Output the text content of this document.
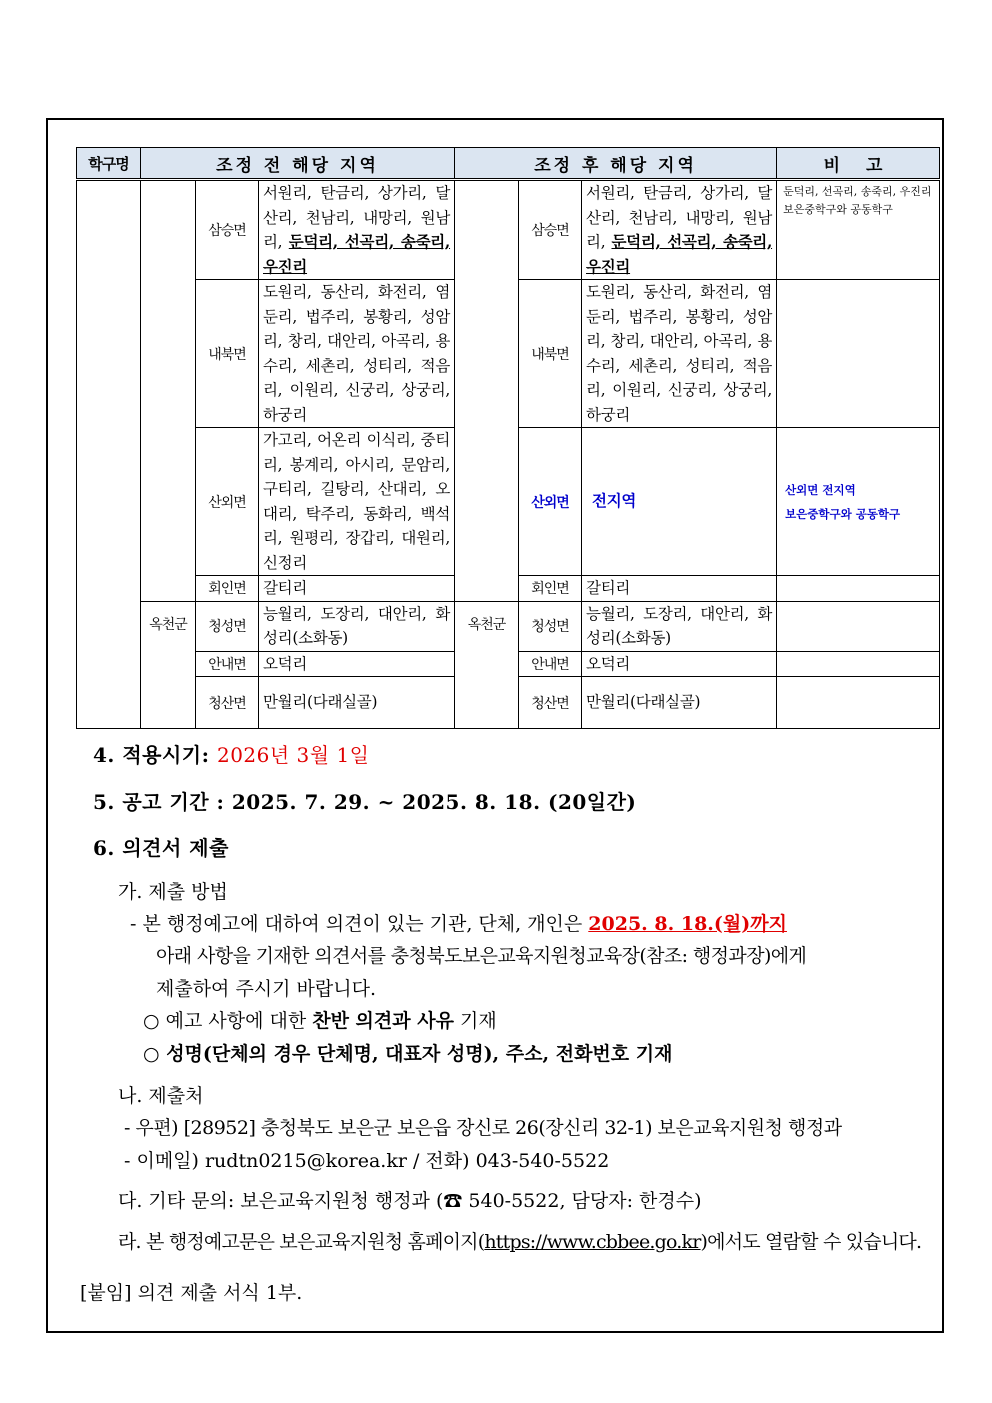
학구명	조정 전 해당 지역			조정 후 해당 지역			비 고
		삼승면	서원리, 탄금리, 상가리, 달산리, 천남리, 내망리, 원남리, 둔덕리, 선곡리, 송죽리, 우진리		삼승면	서원리, 탄금리, 상가리, 달산리, 천남리, 내망리, 원남리, 둔덕리, 선곡리, 송죽리, 우진리	둔덕리, 선곡리, 송죽리, 우진리 보은중학구와 공동학구
		내북면	도원리, 동산리, 화전리, 염둔리, 법주리, 봉황리, 성암리, 창리, 대안리, 아곡리, 용수리, 세촌리, 성티리, 적음리, 이원리, 신궁리, 상궁리, 하궁리		내북면	도원리, 동산리, 화전리, 염둔리, 법주리, 봉황리, 성암리, 창리, 대안리, 아곡리, 용수리, 세촌리, 성티리, 적음리, 이원리, 신궁리, 상궁리, 하궁리	
		산외면	가고리, 어온리 이식리, 중티리, 봉계리, 아시리, 문암리, 구티리, 길탕리, 산대리, 오대리, 탁주리, 동화리, 백석리, 원평리, 장갑리, 대원리, 신정리		산외면	전지역	산외면 전지역
보은중학구와 공동학구

		회인면	갈티리		회인면	갈티리	
	옥천군	청성면	능월리, 도장리, 대안리, 화성리(소화동)	옥천군	청성면	능월리, 도장리, 대안리, 화성리(소화동)	
		안내면	오덕리		안내면	오덕리	
		청산면	만월리(다래실골)		청산면	만월리(다래실골)	
4. 적용시기: 2026년 3월 1일
5. 공고 기간 : 2025. 7. 29. ~ 2025. 8. 18. (20일간)
6. 의견서 제출
가. 제출 방법
- 본 행정예고에 대하여 의견이 있는 기관, 단체, 개인은 2025. 8. 18.(월)까지
아래 사항을 기재한 의견서를 충청북도보은교육지원청교육장(참조: 행정과장)에게
제출하여 주시기 바랍니다.
○ 예고 사항에 대한 찬반 의견과 사유 기재
○ 성명(단체의 경우 단체명, 대표자 성명), 주소, 전화번호 기재
나. 제출처
- 우편) [28952] 충청북도 보은군 보은읍 장신로 26(장신리 32-1) 보은교육지원청 행정과
- 이메일) rudtn0215@korea.kr / 전화) 043-540-5522
다. 기타 문의: 보은교육지원청 행정과 (☎ 540-5522, 담당자: 한경수)
라. 본 행정예고문은 보은교육지원청 홈페이지(https://www.cbbee.go.kr)에서도 열람할 수 있습니다.
[붙임] 의견 제출 서식 1부.
